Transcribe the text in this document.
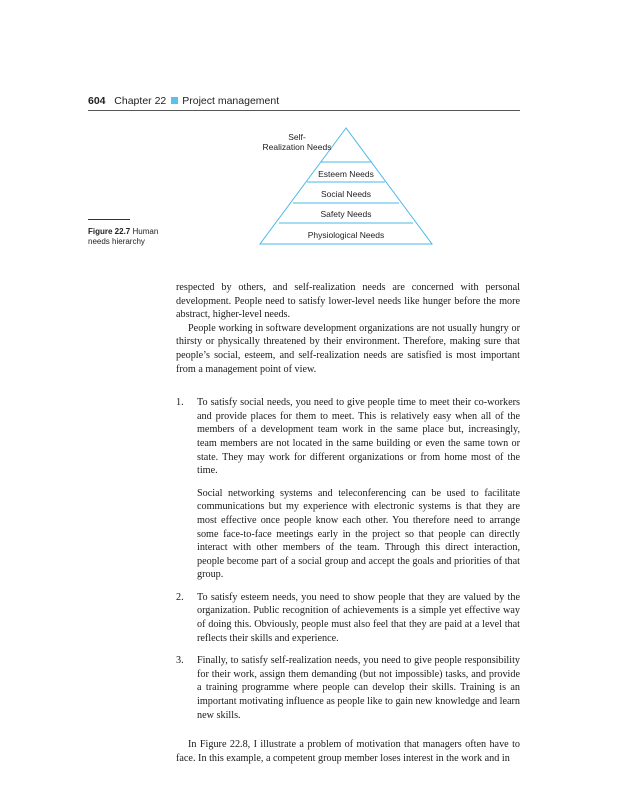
604 Chapter 22 Project management
Self-
Realization Needs
Esteem Needs
Social Needs
Safety Needs
Physiological Needs
Figure 22.7 Human needs hierarchy

respected by others, and self-realization needs are concerned with personal development. People need to satisfy lower-level needs like hunger before the more abstract, higher-level needs.

People working in software development organizations are not usually hungry or thirsty or physically threatened by their environment. Therefore, making sure that people’s social, esteem, and self-realization needs are satisfied is most important from a management point of view.

1. To satisfy social needs, you need to give people time to meet their co-workers and provide places for them to meet. This is relatively easy when all of the members of a development team work in the same place but, increasingly, team members are not located in the same building or even the same town or state. They may work for different organizations or from home most of the time.

Social networking systems and teleconferencing can be used to facilitate communications but my experience with electronic systems is that they are most effective once people know each other. You therefore need to arrange some face-to-face meetings early in the project so that people can directly interact with other members of the team. Through this direct interaction, people become part of a social group and accept the goals and priorities of that group.

2. To satisfy esteem needs, you need to show people that they are valued by the organization. Public recognition of achievements is a simple yet effective way of doing this. Obviously, people must also feel that they are paid at a level that reflects their skills and experience.

3. Finally, to satisfy self-realization needs, you need to give people responsibility for their work, assign them demanding (but not impossible) tasks, and provide a training programme where people can develop their skills. Training is an important motivating influence as people like to gain new knowledge and learn new skills.

In Figure 22.8, I illustrate a problem of motivation that managers often have to face. In this example, a competent group member loses interest in the work and in
